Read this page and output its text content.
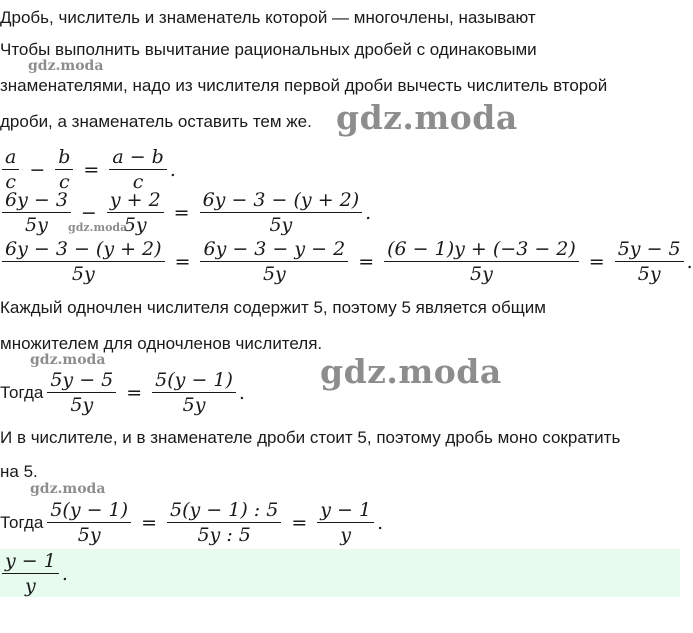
Дробь, числитель и знаменатель которой — многочлены, называют
Чтобы выполнить вычитание рациональных дробей с одинаковыми
знаменателями, надо из числителя первой дроби вычесть числитель второй
дроби, а знаменатель оставить тем же.
gdz.moda
gdz.moda
$\frac{a}{c} - \frac{b}{c} = \frac{a - b}{c}$ .
$\frac{6y - 3}{5y} - \frac{y + 2}{5y} = \frac{6y - 3 - (y + 2)}{5y}$ .
gdz.moda
$\frac{6y - 3 - (y + 2)}{5y} = \frac{6y - 3 - y - 2}{5y} = \frac{(6 - 1)y + (-3 - 2)}{5y} = \frac{5y - 5}{5y}$ .
Каждый одночлен числителя содержит 5, поэтому 5 является общим
множителем для одночленов числителя.
gdz.moda	gdz.moda
Тогда $\frac{5y - 5}{5y} = \frac{5(y - 1)}{5y}$ .
И в числителе, и в знаменателе дроби стоит 5, поэтому дробь моно сократить
на 5.
gdz.moda
Тогда $\frac{5(y - 1)}{5y} = \frac{5(y - 1) : 5}{5y : 5} = \frac{y - 1}{y}$ .
$\frac{y - 1}{y}$ .
